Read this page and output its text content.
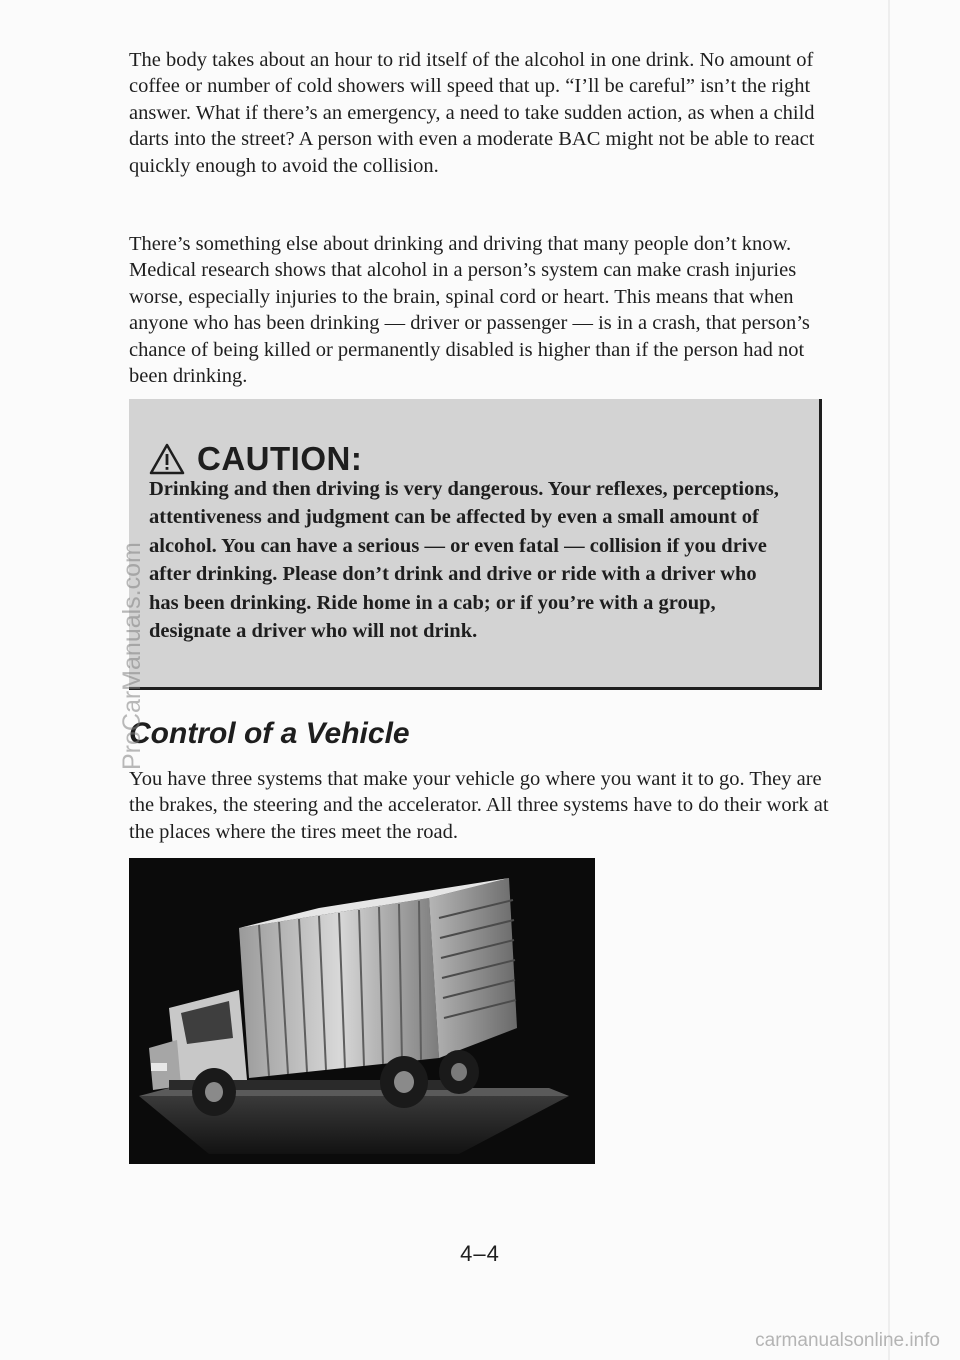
The body takes about an hour to rid itself of the alcohol in one drink. No amount of coffee or number of cold showers will speed that up. “I’ll be careful” isn’t the right answer. What if there’s an emergency, a need to take sudden action, as when a child darts into the street? A person with even a moderate BAC might not be able to react quickly enough to avoid the collision.

There’s something else about drinking and driving that many people don’t know. Medical research shows that alcohol in a person’s system can make crash injuries worse, especially injuries to the brain, spinal cord or heart. This means that when anyone who has been drinking — driver or passenger — is in a crash, that person’s chance of being killed or permanently disabled is higher than if the person had not been drinking.

CAUTION:

Drinking and then driving is very dangerous. Your reflexes, perceptions, attentiveness and judgment can be affected by even a small amount of alcohol. You can have a serious — or even fatal — collision if you drive after drinking. Please don’t drink and drive or ride with a driver who has been drinking. Ride home in a cab; or if you’re with a group, designate a driver who will not drink.

Control of a Vehicle

You have three systems that make your vehicle go where you want it to go. They are the brakes, the steering and the accelerator. All three systems have to do their work at the places where the tires meet the road.

4–4
ProCarManuals.com
carmanualsonline.info
